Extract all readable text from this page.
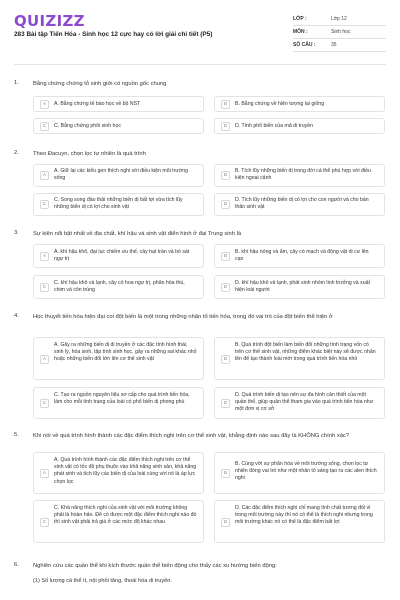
QUIZIZZ
283 Bài tập Tiến Hóa - Sinh học 12 cực hay có lời giải chi tiết (P5)
LỚP :	Lớp 12
MÔN :	Sinh học
SỐ CÂU :	35
1. Bằng chứng chứng tỏ sinh giới có nguồn gốc chung
A	A. Bằng chứng tế bào học về bộ NST	B	B. Bằng chứng về hiện tượng lại giống
C	C. Bằng chứng phôi sinh học	D	D. Tính phổ biến của mã di truyền
2. Theo Đacuyn, chọn lọc tự nhiên là quá trình
A
A. Giữ lại các kiểu gen thích nghi với điều kiện môi trường sống	B
B. Tích lũy những biến dị trong đời cá thể phù hợp với điều kiện ngoại cảnh
C
C. Song song đào thải những biến dị bất lợi vừa tích lũy những biến dị có lợi cho sinh vật	D
D. Tích lũy những biến dị có lợi cho con người và cho bản thân sinh vật
3. Sự kiện nổi bật nhất về địa chất, khí hậu và sinh vật điển hình ở đại Trung sinh là
A
A. khí hậu khô, đại lục chiếm ưu thế, cây hạt trần và bò sát ngự trị	B
B. khí hậu nóng và ẩm, cây có mạch và động vật di cư lên cạn
C
C. khí hậu khô và lạnh, cây có hoa ngự trị, phân hóa thú, chim và côn trùng	D
D. khí hậu khô và lạnh, phát sinh nhóm linh trưởng và xuất hiện loài người
4. Học thuyết tiến hóa hiện đại coi đột biến là một trong những nhân tố tiến hóa, trong đó vai trò của đột biến thể hiện ở
A
A. Gây ra những biến dị di truyền ở các đặc tính hình thái, sinh lý, hóa sinh, tập tính sinh học, gây ra những sai khác nhỏ hoặc những biến đổi lớn lên cơ thể sinh vật	B
B. Quá trình đột biến làm biến đổi những tính trạng vốn có trên cơ thể sinh vật, những điểm khác biệt này sẽ được nhân lên để tạo thành loài mới trong quá trình tiến hóa nhỏ
C
C. Tạo ra nguồn nguyên liệu sơ cấp cho quá trình tiến hóa, làm cho mỗi tính trạng của loài có phổ biến dị phong phú	D
D. Quá trình biến dị tạo nên sự đa hình cân thiết của một quần thể, giúp quần thể tham gia vào quá trình tiến hóa như một đơn vị cơ sở
5. Khi nói về quá trình hình thành các đặc điểm thích nghi trên cơ thể sinh vật, khẳng định nào sau đây là KHÔNG chính xác?
A
A. Quá trình hình thành các đặc điểm thích nghi trên cơ thể sinh vật có tốc độ phụ thuộc vào khả năng sinh sản, khả năng phát sinh và tích lũy các biến dị của loài cùng với nó là áp lực chọn lọc
B
B. Cùng với sự phân hóa về môi trường sống, chọn lọc tự nhiên đóng vai trò như một nhân tố sáng tạo ra các alen thích nghi
C
C. Khả năng thích nghi của sinh vật với môi trường không phải là hoàn hảo. Để có được một đặc điểm thích nghi nào đó thì sinh vật phải trả giá ở các mức độ khác nhau	D
D. Các đặc điểm thích nghi chỉ mang tính chất tương đối vì trong môi trường này thì nó có thể là thích nghi nhưng trong môi trường khác nó có thể là đặc điểm bất lợi
6. Nghiên cứu các quần thể khi kích thước quần thể biến động cho thấy các xu hướng biến động:
(1) Số lượng cá thể ít, nội phối tăng, thoái hóa di truyền.
